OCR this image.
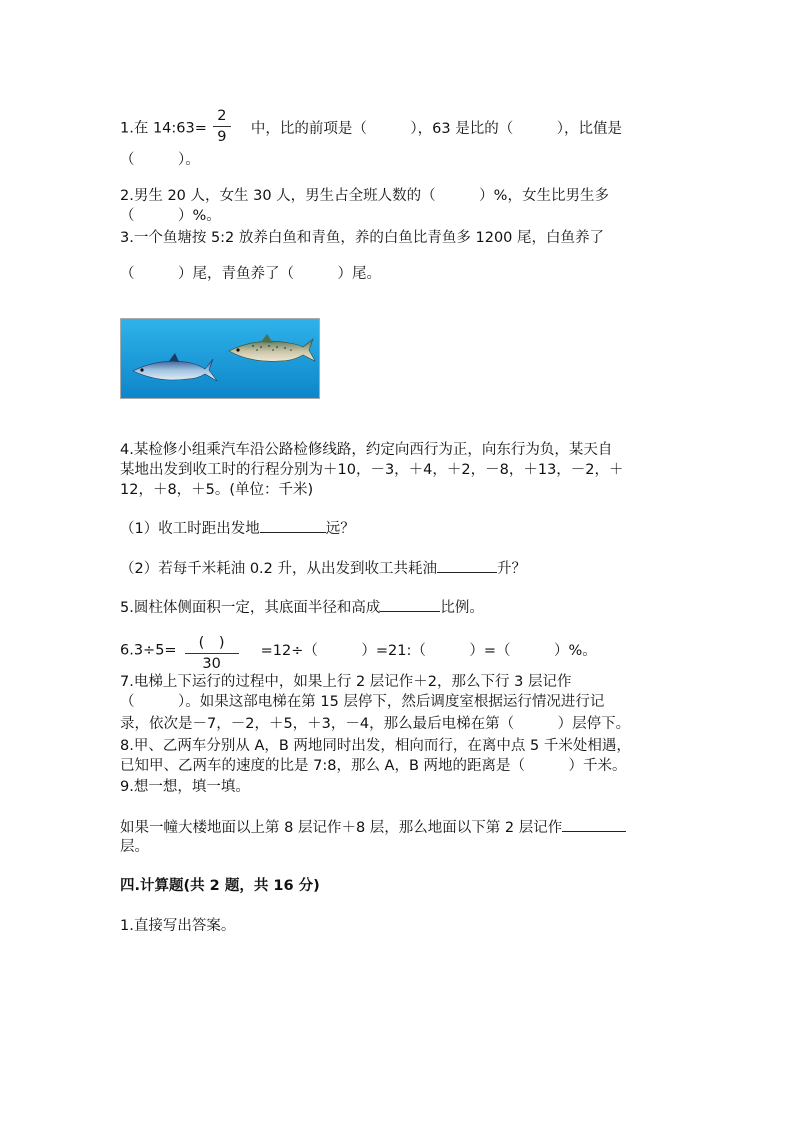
1.在 14:63= $\frac{2}{9}$ 中，比的前项是（　　　），63 是比的（　　　），比值是
（　　　）。
2.男生 20 人，女生 30 人，男生占全班人数的（　　　）%，女生比男生多
（　　　）%。
3.一个鱼塘按 5:2 放养白鱼和青鱼，养的白鱼比青鱼多 1200 尾，白鱼养了
（　　　）尾，青鱼养了（　　　）尾。
4.某检修小组乘汽车沿公路检修线路，约定向西行为正，向东行为负，某天自
某地出发到收工时的行程分别为＋10，－3，＋4，＋2，－8，＋13，－2，＋
12，＋8，＋5。(单位：千米)
（1）收工时距出发地	远？
（2）若每千米耗油 0.2 升，从出发到收工共耗油	升？
5.圆柱体侧面积一定，其底面半径和高成	比例。
$6.3\div 5= \frac{( )}{30} =12\div$（　　　）=21:（　　　）=（　　　）%。
7.电梯上下运行的过程中，如果上行 2 层记作＋2，那么下行 3 层记作
（　　　）。如果这部电梯在第 15 层停下，然后调度室根据运行情况进行记
录，依次是－7，－2，＋5，＋3，－4，那么最后电梯在第（　　　）层停下。
8.甲、乙两车分别从 A，B 两地同时出发，相向而行，在离中点 5 千米处相遇，
已知甲、乙两车的速度的比是 7:8，那么 A，B 两地的距离是（　　　）千米。
9.想一想，填一填。
如果一幢大楼地面以上第 8 层记作＋8 层，那么地面以下第 2 层记作
层。
四.计算题(共 2 题，共 16 分)
1.直接写出答案。
